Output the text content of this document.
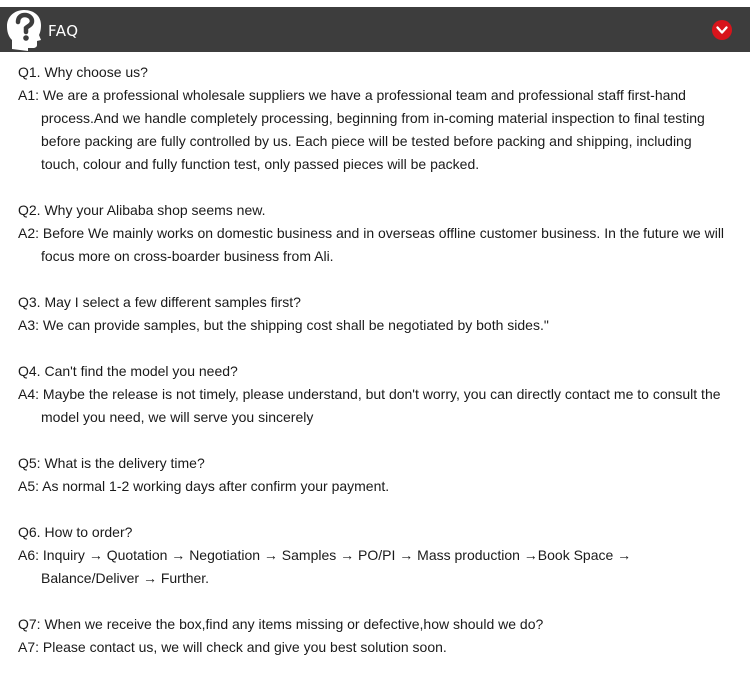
FAQ
Q1. Why choose us?
A1: We are a professional wholesale suppliers we have a professional team and professional staff first-hand process.And we handle completely processing, beginning from in-coming material inspection to final testing before packing are fully controlled by us. Each piece will be tested before packing and shipping, including touch, colour and fully function test, only passed pieces will be packed.
Q2. Why your Alibaba shop seems new.
A2: Before We mainly works on domestic business and in overseas offline customer business. In the future we will focus more on cross-boarder business from Ali.
Q3. May I select a few different samples first?
A3: We can provide samples, but the shipping cost shall be negotiated by both sides."
Q4. Can't find the model you need?
A4: Maybe the release is not timely, please understand, but don't worry, you can directly contact me to consult the model you need, we will serve you sincerely
Q5: What is the delivery time?
A5: As normal 1-2 working days after confirm your payment.
Q6. How to order?
A6: Inquiry → Quotation → Negotiation → Samples → PO/PI → Mass production →Book Space → Balance/Deliver → Further.
Q7: When we receive the box,find any items missing or defective,how should we do?
A7: Please contact us, we will check and give you best solution soon.
